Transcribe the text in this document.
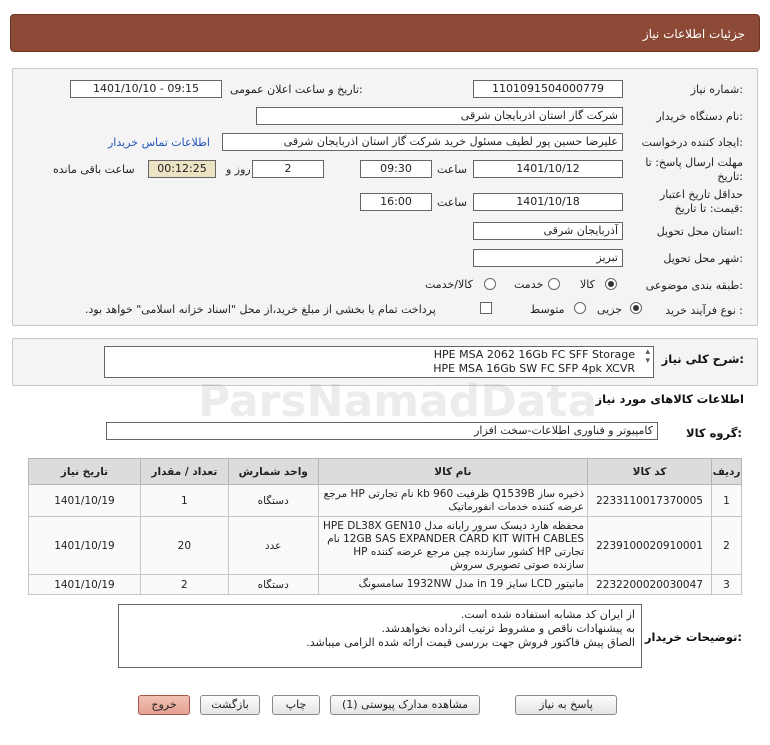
جزئیات اطلاعات نیاز
شماره نیاز:
1101091504000779
تاریخ و ساعت اعلان عمومی:
1401/10/10 - 09:15
نام دستگاه خریدار:
شرکت گاز استان اذربایجان شرقی
ایجاد کننده درخواست:
علیرضا حسین پور لطیف مسئول خرید شرکت گاز استان اذربایجان شرقی
اطلاعات تماس خریدار
مهلت ارسال پاسخ: تا
تاریخ:
1401/10/12
ساعت
09:30
2
روز و
00:12:25
ساعت باقی مانده
حداقل تاریخ اعتبار
قیمت: تا تاریخ:
1401/10/18
ساعت
16:00
استان محل تحویل:
آذربایجان شرقی
شهر محل تحویل:
تبریز
طبقه بندی موضوعی:
کالا
خدمت
کالا/خدمت
نوع فرآیند خرید :
جزیی
متوسط
پرداخت تمام یا بخشی از مبلغ خرید،از محل "اسناد خزانه اسلامی" خواهد بود.
شرح کلی نیاز:
HPE MSA 2062 16Gb FC SFF Storage
HPE MSA 16Gb SW FC SFP 4pk XCVR
▴
▾
اطلاعات کالاهای مورد نیاز
گروه کالا:
کامپیوتر و فناوری اطلاعات-سخت افزار
ParsNamadData
ردیف	کد کالا	نام کالا	واحد شمارش	تعداد / مقدار	تاریخ نیاز
1	2233110017370005	ذخیره ساز Q1539B ظرفیت kb 960 نام تجارتی HP مرجع عرضه کننده خدمات انفورماتیک	دستگاه	1	1401/10/19
2	2239100020910001	محفظه هارد دیسک سرور رایانه مدل HPE DL38X GEN10 12GB SAS EXPANDER CARD KIT WITH CABLES نام تجارتی HP کشور سازنده چین مرجع عرضه کننده HP سازنده صوتی تصویری سروش	عدد	20	1401/10/19
3	2232200020030047	مانیتور LCD سایز 19 in مدل 1932NW سامسونگ	دستگاه	2	1401/10/19
توضیحات خریدار:
از ایران کد مشابه استفاده شده است.
به پیشنهادات ناقص و مشروط ترتیب اثرداده نخواهدشد.
الصاق پیش فاکتور فروش جهت بررسی قیمت ارائه شده الزامی میباشد.
پاسخ به نیاز
مشاهده مدارک پیوستی (1)
چاپ
بازگشت
خروج
